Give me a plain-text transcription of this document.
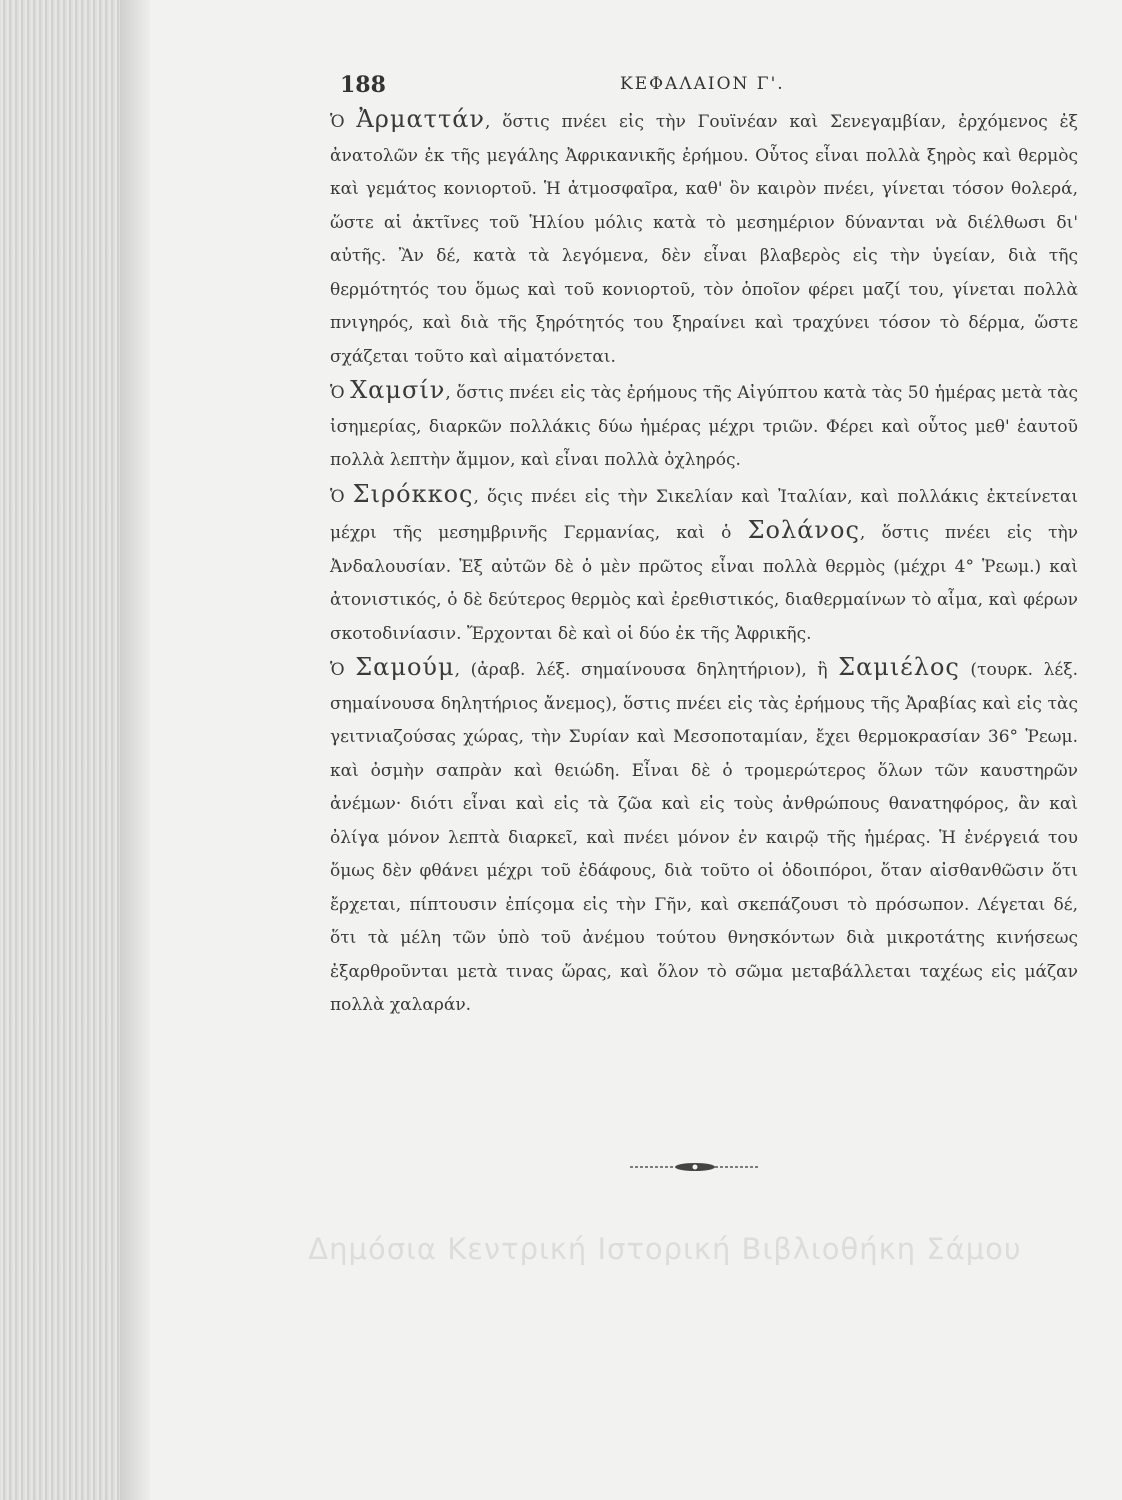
188	ΚΕΦΑΛΑΙΟΝ Γ'.

Ὁ Ἀρματτάν, ὅστις πνέει εἰς τὴν Γουϊνέαν καὶ Σενεγαμβίαν, ἐρχόμενος ἐξ ἀνατολῶν ἐκ τῆς μεγάλης Ἀφρικανικῆς ἐρήμου. Οὗτος εἶναι πολλὰ ξηρὸς καὶ θερμὸς καὶ γεμάτος κονιορτοῦ. Ἡ ἀτμοσφαῖρα, καθ' ὃν καιρὸν πνέει, γίνεται τόσον θολερά, ὥστε αἱ ἀκτῖνες τοῦ Ἡλίου μόλις κατὰ τὸ μεσημέριον δύνανται νὰ διέλθωσι δι' αὐτῆς. Ἂν δέ, κατὰ τὰ λεγόμενα, δὲν εἶναι βλαβερὸς εἰς τὴν ὑγείαν, διὰ τῆς θερμότητός του ὅμως καὶ τοῦ κονιορτοῦ, τὸν ὁποῖον φέρει μαζί του, γίνεται πολλὰ πνιγηρός, καὶ διὰ τῆς ξηρότητός του ξηραίνει καὶ τραχύνει τόσον τὸ δέρμα, ὥστε σχάζεται τοῦτο καὶ αἱματόνεται.

Ὁ Χαμσίν, ὅστις πνέει εἰς τὰς ἐρήμους τῆς Αἰγύπτου κατὰ τὰς 50 ἡμέρας μετὰ τὰς ἰσημερίας, διαρκῶν πολλάκις δύω ἡμέρας μέχρι τριῶν. Φέρει καὶ οὗτος μεθ' ἑαυτοῦ πολλὰ λεπτὴν ἄμμον, καὶ εἶναι πολλὰ ὀχληρός.

Ὁ Σιρόκκος, ὅςις πνέει εἰς τὴν Σικελίαν καὶ Ἰταλίαν, καὶ πολλάκις ἐκτείνεται μέχρι τῆς μεσημβρινῆς Γερμανίας, καὶ ὁ Σολάνος, ὅστις πνέει εἰς τὴν Ἀνδαλουσίαν. Ἐξ αὐτῶν δὲ ὁ μὲν πρῶτος εἶναι πολλὰ θερμὸς (μέχρι 4° Ῥεωμ.) καὶ ἀτονιστικός, ὁ δὲ δεύτερος θερμὸς καὶ ἐρεθιστικός, διαθερμαίνων τὸ αἷμα, καὶ φέρων σκοτοδινίασιν. Ἔρχονται δὲ καὶ οἱ δύο ἐκ τῆς Ἀφρικῆς.

Ὁ Σαμούμ, (ἀραβ. λέξ. σημαίνουσα δηλητήριον), ἢ Σαμιέλος (τουρκ. λέξ. σημαίνουσα δηλητήριος ἄνεμος), ὅστις πνέει εἰς τὰς ἐρήμους τῆς Ἀραβίας καὶ εἰς τὰς γειτνιαζούσας χώρας, τὴν Συρίαν καὶ Μεσοποταμίαν, ἔχει θερμοκρασίαν 36° Ῥεωμ. καὶ ὀσμὴν σαπρὰν καὶ θειώδη. Εἶναι δὲ ὁ τρομερώτερος ὅλων τῶν καυστηρῶν ἀνέμων· διότι εἶναι καὶ εἰς τὰ ζῶα καὶ εἰς τοὺς ἀνθρώπους θανατηφόρος, ἂν καὶ ὀλίγα μόνον λεπτὰ διαρκεῖ, καὶ πνέει μόνον ἐν καιρῷ τῆς ἡμέρας. Ἡ ἐνέργειά του ὅμως δὲν φθάνει μέχρι τοῦ ἐδάφους, διὰ τοῦτο οἱ ὁδοιπόροι, ὅταν αἰσθανθῶσιν ὅτι ἔρχεται, πίπτουσιν ἐπίςομα εἰς τὴν Γῆν, καὶ σκεπάζουσι τὸ πρόσωπον. Λέγεται δέ, ὅτι τὰ μέλη τῶν ὑπὸ τοῦ ἀνέμου τούτου θνησκόντων διὰ μικροτάτης κινήσεως ἐξαρθροῦνται μετὰ τινας ὥρας, καὶ ὅλον τὸ σῶμα μεταβάλλεται ταχέως εἰς μάζαν πολλὰ χαλαράν.

Δημόσια Κεντρική Ιστορική Βιβλιοθήκη Σάμου
